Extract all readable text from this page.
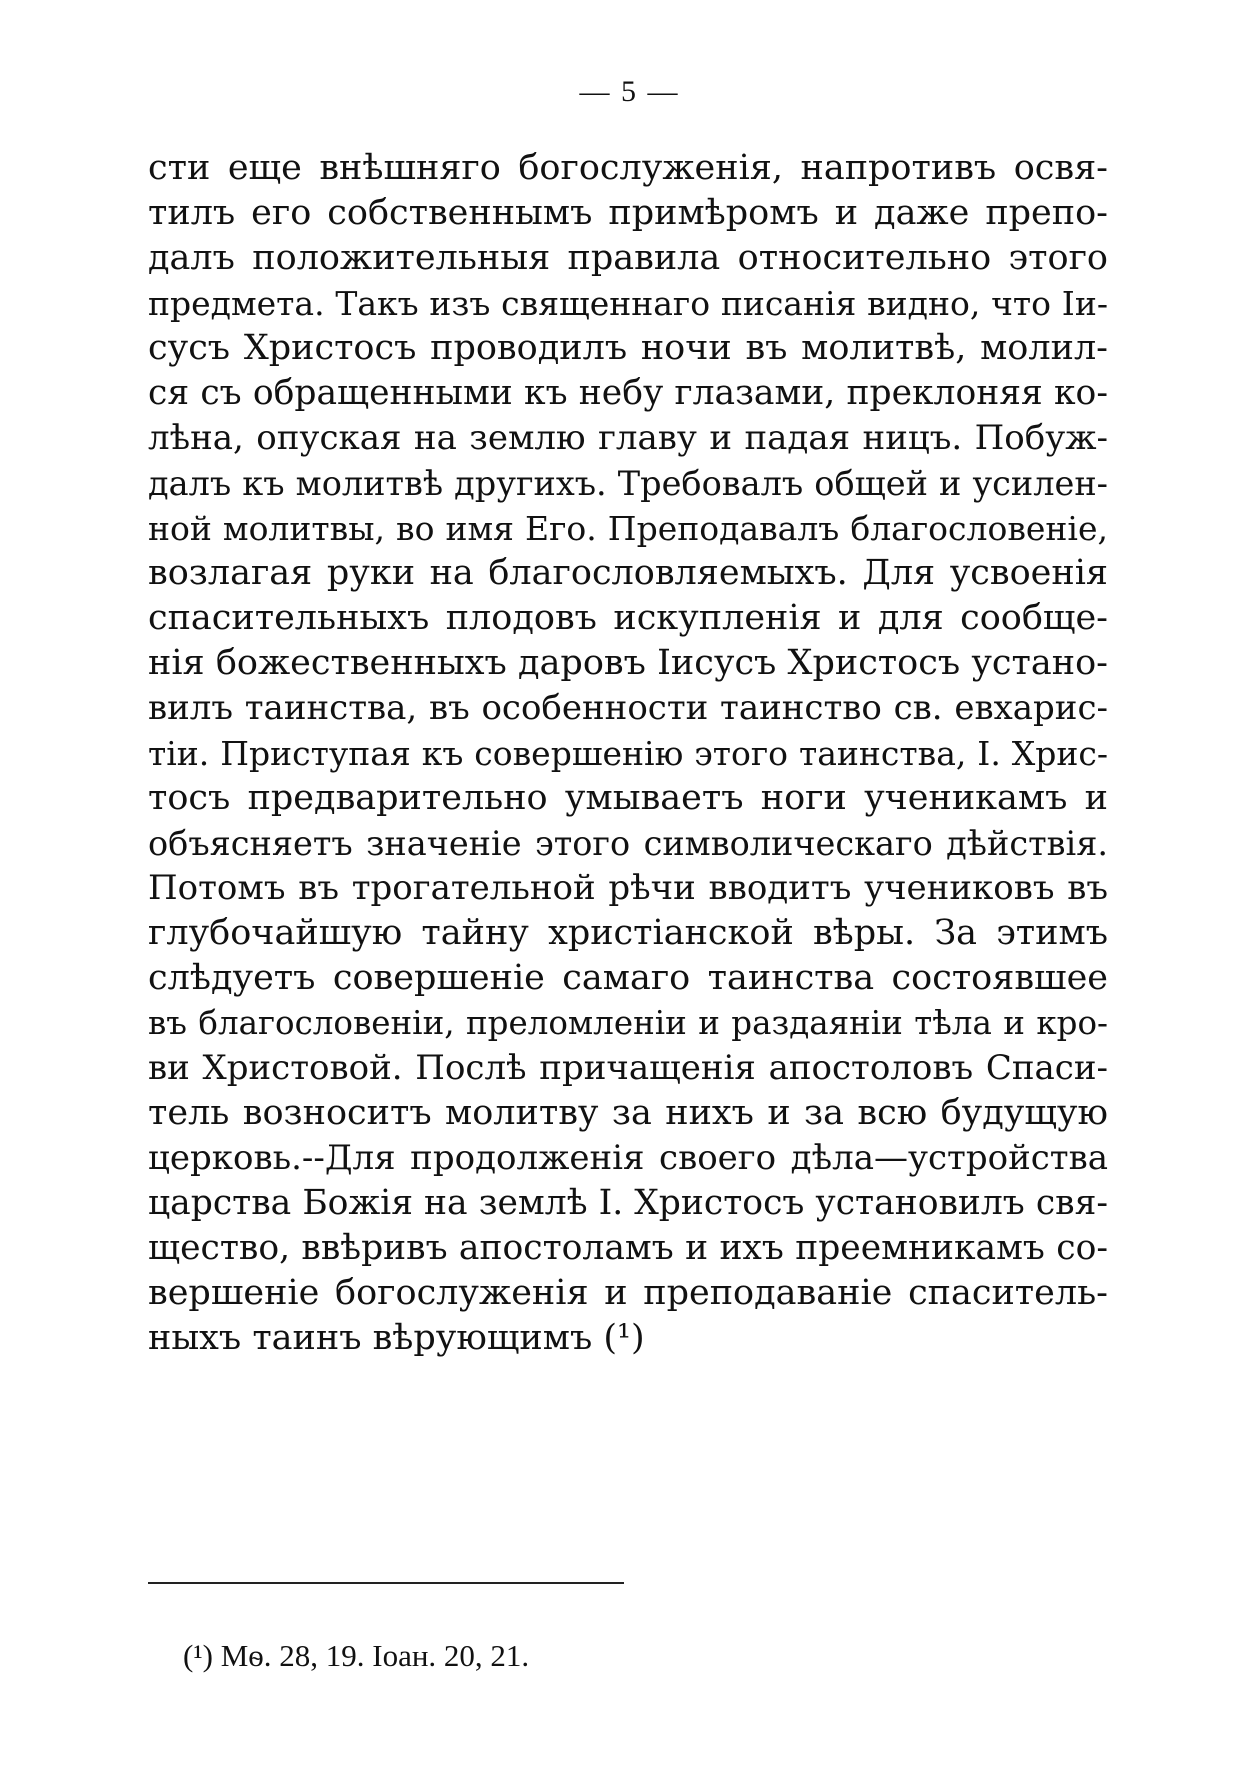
— 5 —
сти еще внѣшняго богослуженія, напротивъ освя-
тилъ его собственнымъ примѣромъ и даже препо-
далъ положительныя правила относительно этого
предмета. Такъ изъ священнаго писанія видно, что Іи-
сусъ Христосъ проводилъ ночи въ молитвѣ, молил-
ся съ обращенными къ небу глазами, преклоняя ко-
лѣна, опуская на землю главу и падая ницъ. Побуж-
далъ къ молитвѣ другихъ. Требовалъ общей и усилен-
ной молитвы, во имя Его. Преподавалъ благословеніе,
возлагая руки на благословляемыхъ. Для усвоенія
спасительныхъ плодовъ искупленія и для сообще-
нія божественныхъ даровъ Іисусъ Христосъ устано-
вилъ таинства, въ особенности таинство св. евхарис-
тіи. Приступая къ совершенію этого таинства, І. Хрис-
тосъ предварительно умываетъ ноги ученикамъ и
объясняетъ значеніе этого символическаго дѣйствія.
Потомъ въ трогательной рѣчи вводитъ учениковъ въ
глубочайшую тайну христіанской вѣры. За этимъ
слѣдуетъ совершеніе самаго таинства состоявшее
въ благословеніи, преломленіи и раздаяніи тѣла и кро-
ви Христовой. Послѣ причащенія апостоловъ Спаси-
тель возноситъ молитву за нихъ и за всю будущую
церковь.--Для продолженія своего дѣла—устройства
царства Божія на землѣ І. Христосъ установилъ свя-
щество, ввѣривъ апостоламъ и ихъ преемникамъ со-
вершеніе богослуженія и преподаваніе спаситель-
ныхъ таинъ вѣрующимъ (¹)
(¹) Мѳ. 28, 19. Іоан. 20, 21.
